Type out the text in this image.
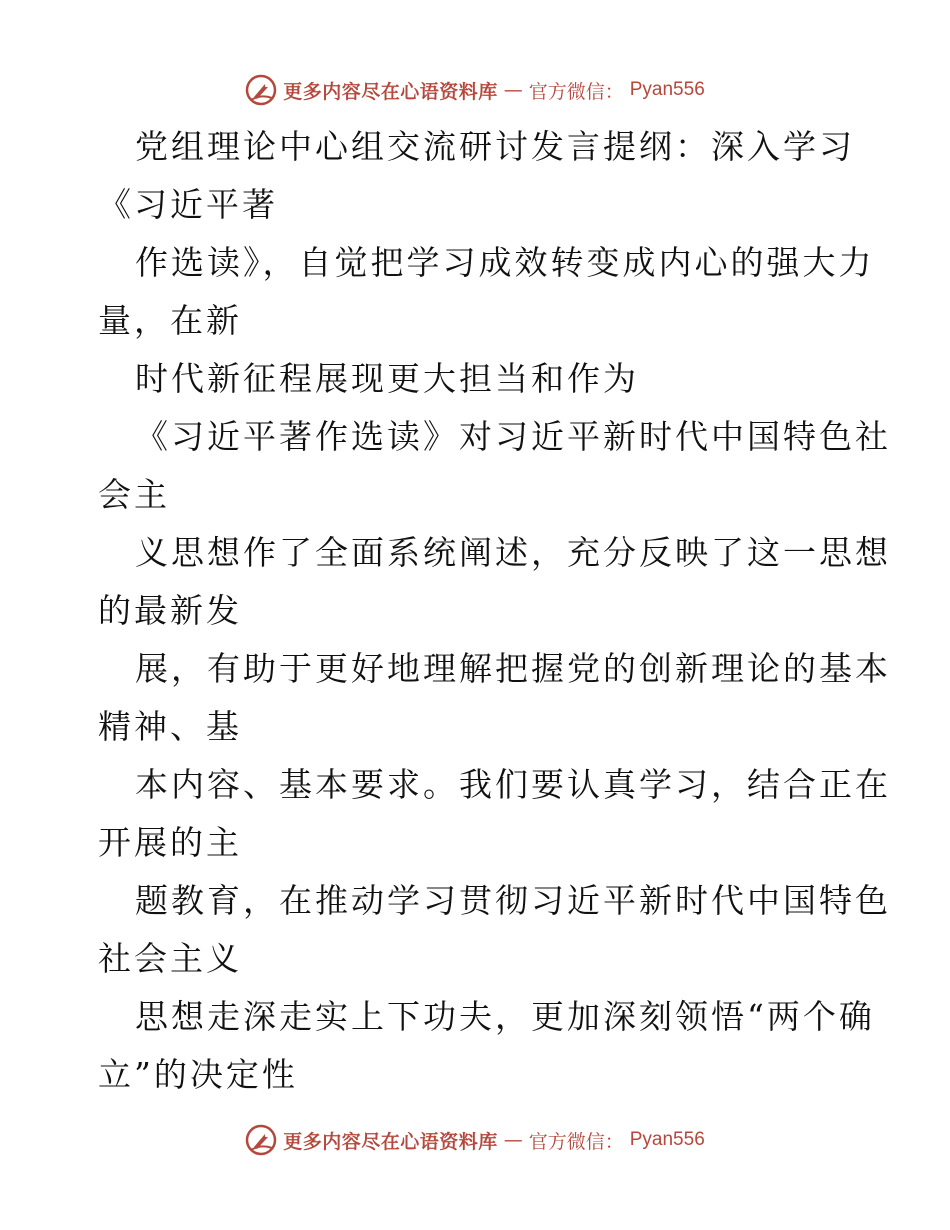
更多内容尽在心语资料库 — 官方微信： Pyan556
党组理论中心组交流研讨发言提纲：深入学习
《习近平著
作选读》，自觉把学习成效转变成内心的强大力
量，在新
时代新征程展现更大担当和作为
《习近平著作选读》对习近平新时代中国特色社
会主
义思想作了全面系统阐述，充分反映了这一思想
的最新发
展，有助于更好地理解把握党的创新理论的基本
精神、基
本内容、基本要求。我们要认真学习，结合正在
开展的主
题教育，在推动学习贯彻习近平新时代中国特色
社会主义
思想走深走实上下功夫，更加深刻领悟“两个确
立”的决定性
更多内容尽在心语资料库 — 官方微信： Pyan556
